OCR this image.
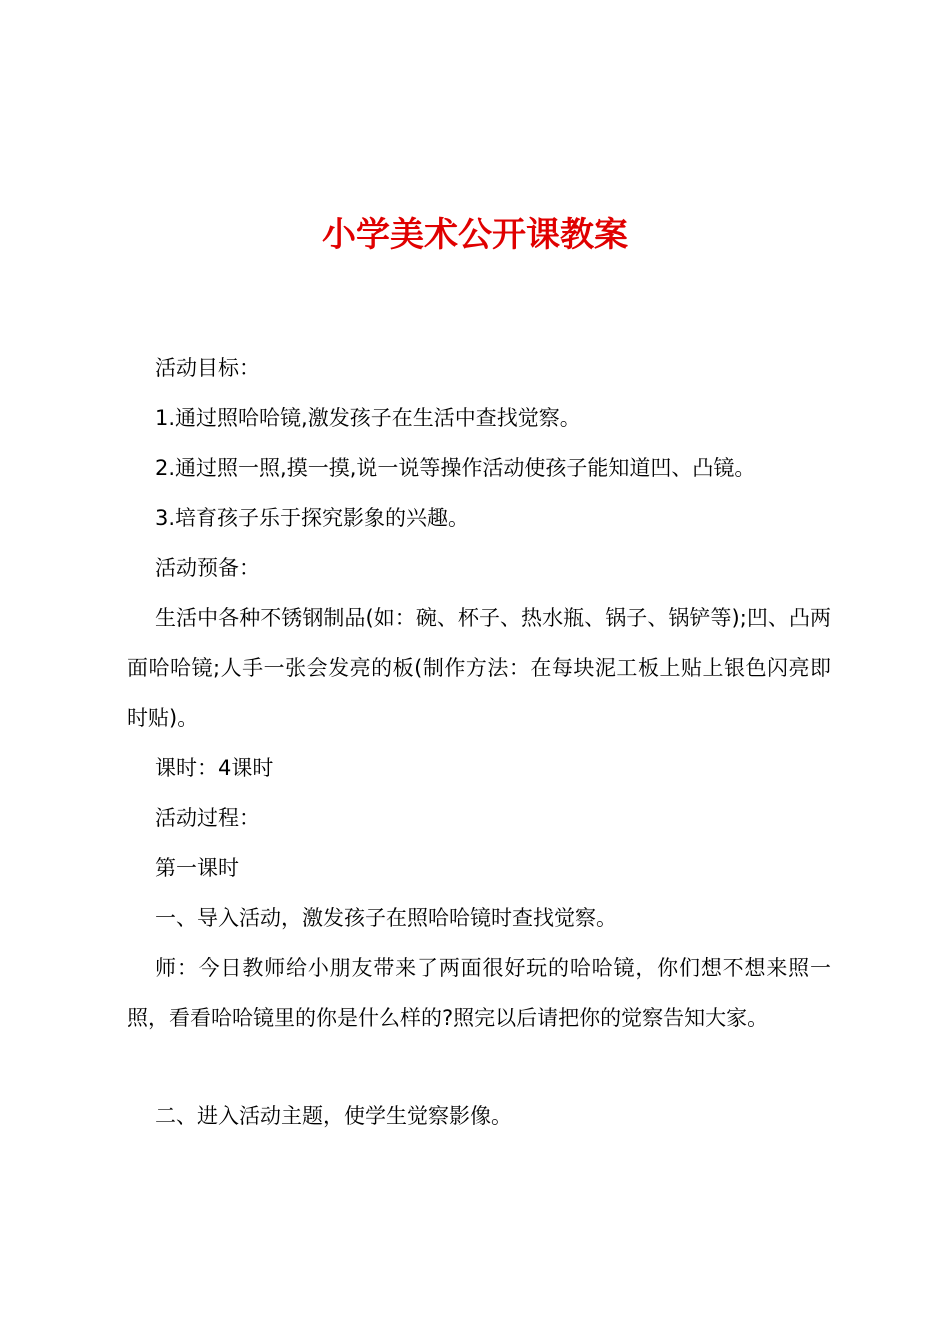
小学美术公开课教案

活动目标：

1.通过照哈哈镜,激发孩子在生活中查找觉察。

2.通过照一照,摸一摸,说一说等操作活动使孩子能知道凹、凸镜。

3.培育孩子乐于探究影象的兴趣。

活动预备：

生活中各种不锈钢制品(如：碗、杯子、热水瓶、锅子、锅铲等);凹、凸两面哈哈镜;人手一张会发亮的板(制作方法：在每块泥工板上贴上银色闪亮即时贴)。

课时：4课时

活动过程：

第一课时

一、导入活动，激发孩子在照哈哈镜时查找觉察。

师：今日教师给小朋友带来了两面很好玩的哈哈镜，你们想不想来照一照，看看哈哈镜里的你是什么样的?照完以后请把你的觉察告知大家。

二、进入活动主题，使学生觉察影像。
